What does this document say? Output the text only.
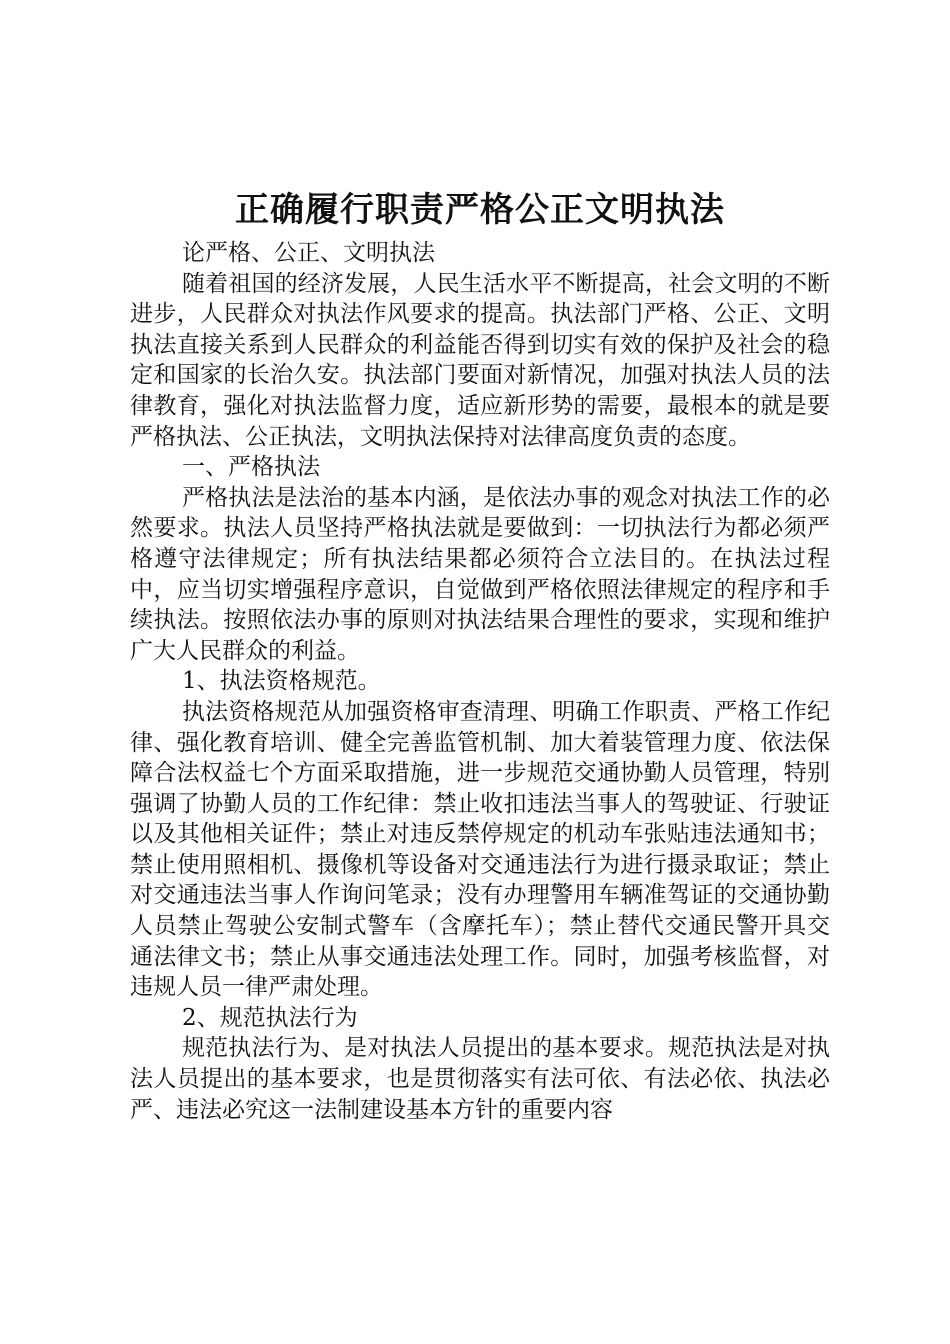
正确履行职责严格公正文明执法

论严格、公正、文明执法

随着祖国的经济发展，人民生活水平不断提高，社会文明的不断进步，人民群众对执法作风要求的提高。执法部门严格、公正、文明执法直接关系到人民群众的利益能否得到切实有效的保护及社会的稳定和国家的长治久安。执法部门要面对新情况，加强对执法人员的法律教育，强化对执法监督力度，适应新形势的需要，最根本的就是要严格执法、公正执法，文明执法保持对法律高度负责的态度。

一、严格执法

严格执法是法治的基本内涵，是依法办事的观念对执法工作的必然要求。执法人员坚持严格执法就是要做到：一切执法行为都必须严格遵守法律规定；所有执法结果都必须符合立法目的。在执法过程中，应当切实增强程序意识，自觉做到严格依照法律规定的程序和手续执法。按照依法办事的原则对执法结果合理性的要求，实现和维护广大人民群众的利益。

1、执法资格规范。

执法资格规范从加强资格审查清理、明确工作职责、严格工作纪律、强化教育培训、健全完善监管机制、加大着装管理力度、依法保障合法权益七个方面采取措施，进一步规范交通协勤人员管理，特别强调了协勤人员的工作纪律：禁止收扣违法当事人的驾驶证、行驶证以及其他相关证件；禁止对违反禁停规定的机动车张贴违法通知书；禁止使用照相机、摄像机等设备对交通违法行为进行摄录取证；禁止对交通违法当事人作询问笔录；没有办理警用车辆准驾证的交通协勤人员禁止驾驶公安制式警车（含摩托车）；禁止替代交通民警开具交通法律文书；禁止从事交通违法处理工作。同时，加强考核监督，对违规人员一律严肃处理。

2、规范执法行为

规范执法行为、是对执法人员提出的基本要求。规范执法是对执法人员提出的基本要求，也是贯彻落实有法可依、有法必依、执法必严、违法必究这一法制建设基本方针的重要内容
